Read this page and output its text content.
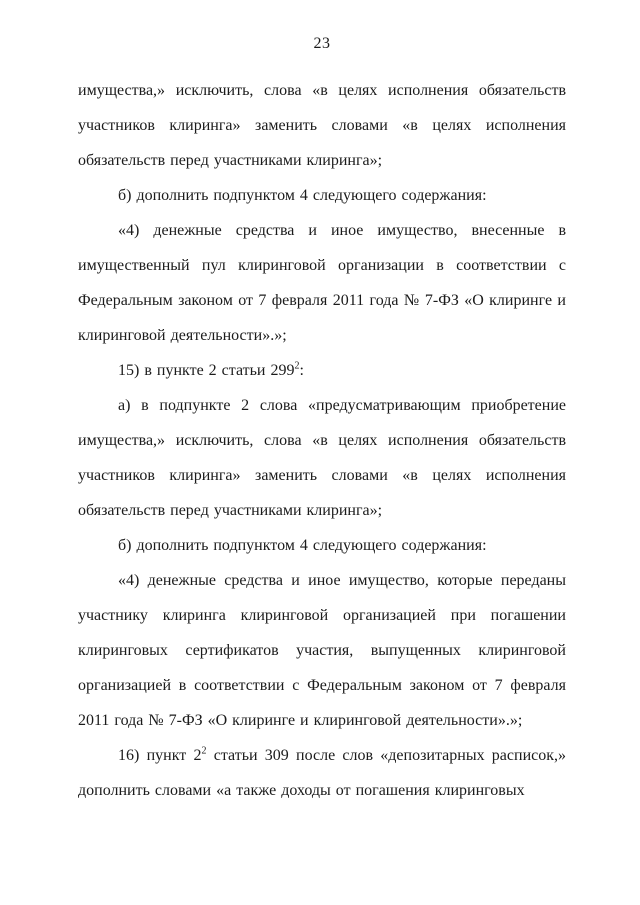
23

имущества,» исключить, слова «в целях исполнения обязательств участников клиринга» заменить словами «в целях исполнения обязательств перед участниками клиринга»;

б) дополнить подпунктом 4 следующего содержания:

«4) денежные средства и иное имущество, внесенные в имущественный пул клиринговой организации в соответствии с Федеральным законом от 7 февраля 2011 года № 7-ФЗ «О клиринге и клиринговой деятельности».»;

15) в пункте 2 статьи $299^2$:

а) в подпункте 2 слова «предусматривающим приобретение имущества,» исключить, слова «в целях исполнения обязательств участников клиринга» заменить словами «в целях исполнения обязательств перед участниками клиринга»;

б) дополнить подпунктом 4 следующего содержания:

«4) денежные средства и иное имущество, которые переданы участнику клиринга клиринговой организацией при погашении клиринговых сертификатов участия, выпущенных клиринговой организацией в соответствии с Федеральным законом от 7 февраля 2011 года № 7-ФЗ «О клиринге и клиринговой деятельности».»;

16) пункт $2^2$ статьи 309 после слов «депозитарных расписок,» дополнить словами «а также доходы от погашения клиринговых
